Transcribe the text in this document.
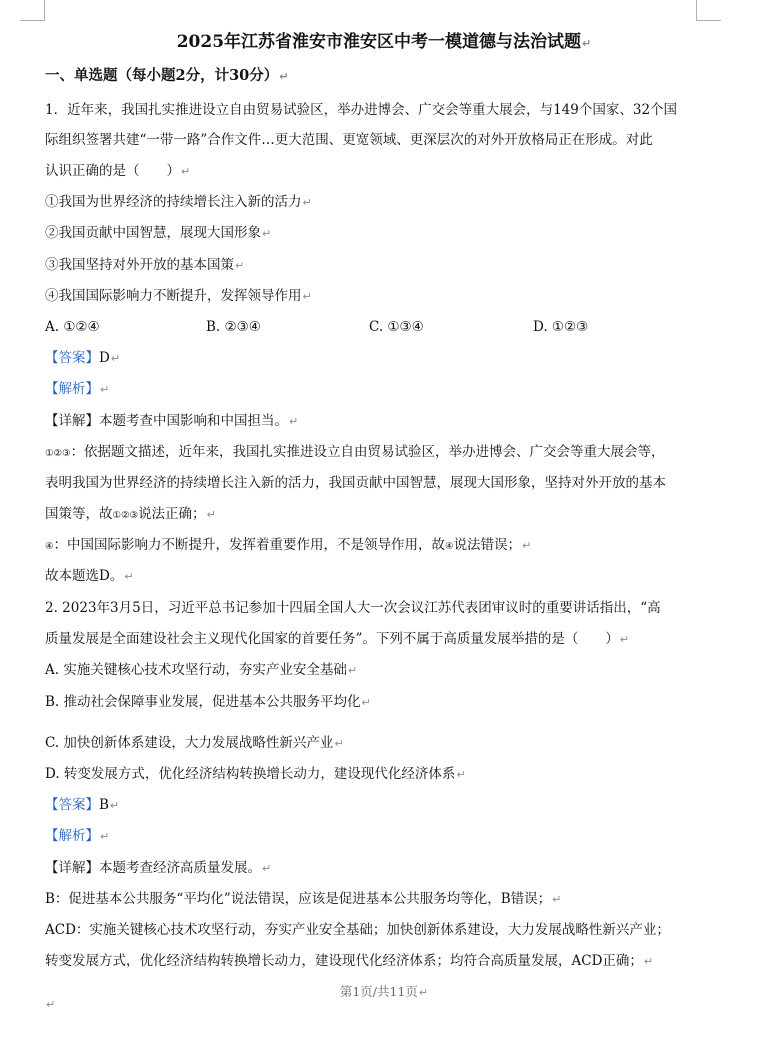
2025年江苏省淮安市淮安区中考一模道德与法治试题↵
一、单选题（每小题2分，计30分）↵
1．近年来，我国扎实推进设立自由贸易试验区，举办进博会、广交会等重大展会，与149个国家、32个国
际组织签署共建“一带一路”合作文件…更大范围、更宽领域、更深层次的对外开放格局正在形成。对此
认识正确的是（　　）↵
①我国为世界经济的持续增长注入新的活力↵
②我国贡献中国智慧，展现大国形象↵
③我国坚持对外开放的基本国策↵
④我国国际影响力不断提升，发挥领导作用↵
A. ①②④	B. ②③④	C. ①③④	D. ①②③
【答案】D↵
【解析】↵
【详解】本题考查中国影响和中国担当。↵
①②③：依据题文描述，近年来，我国扎实推进设立自由贸易试验区，举办进博会、广交会等重大展会等，
表明我国为世界经济的持续增长注入新的活力，我国贡献中国智慧，展现大国形象，坚持对外开放的基本
国策等，故①②③说法正确；↵
④：中国国际影响力不断提升，发挥着重要作用，不是领导作用，故④说法错误；↵
故本题选D。↵
2. 2023年3月5日，习近平总书记参加十四届全国人大一次会议江苏代表团审议时的重要讲话指出，“高
质量发展是全面建设社会主义现代化国家的首要任务”。下列不属于高质量发展举措的是（　　）↵
A. 实施关键核心技术攻坚行动，夯实产业安全基础↵
B. 推动社会保障事业发展，促进基本公共服务平均化↵
C. 加快创新体系建设，大力发展战略性新兴产业↵
D. 转变发展方式，优化经济结构转换增长动力，建设现代化经济体系↵
【答案】B↵
【解析】↵
【详解】本题考查经济高质量发展。↵
B：促进基本公共服务“平均化”说法错误，应该是促进基本公共服务均等化，B错误；↵
ACD：实施关键核心技术攻坚行动，夯实产业安全基础；加快创新体系建设，大力发展战略性新兴产业；
转变发展方式，优化经济结构转换增长动力，建设现代化经济体系；均符合高质量发展，ACD正确；↵
第1页/共11页↵
↵
